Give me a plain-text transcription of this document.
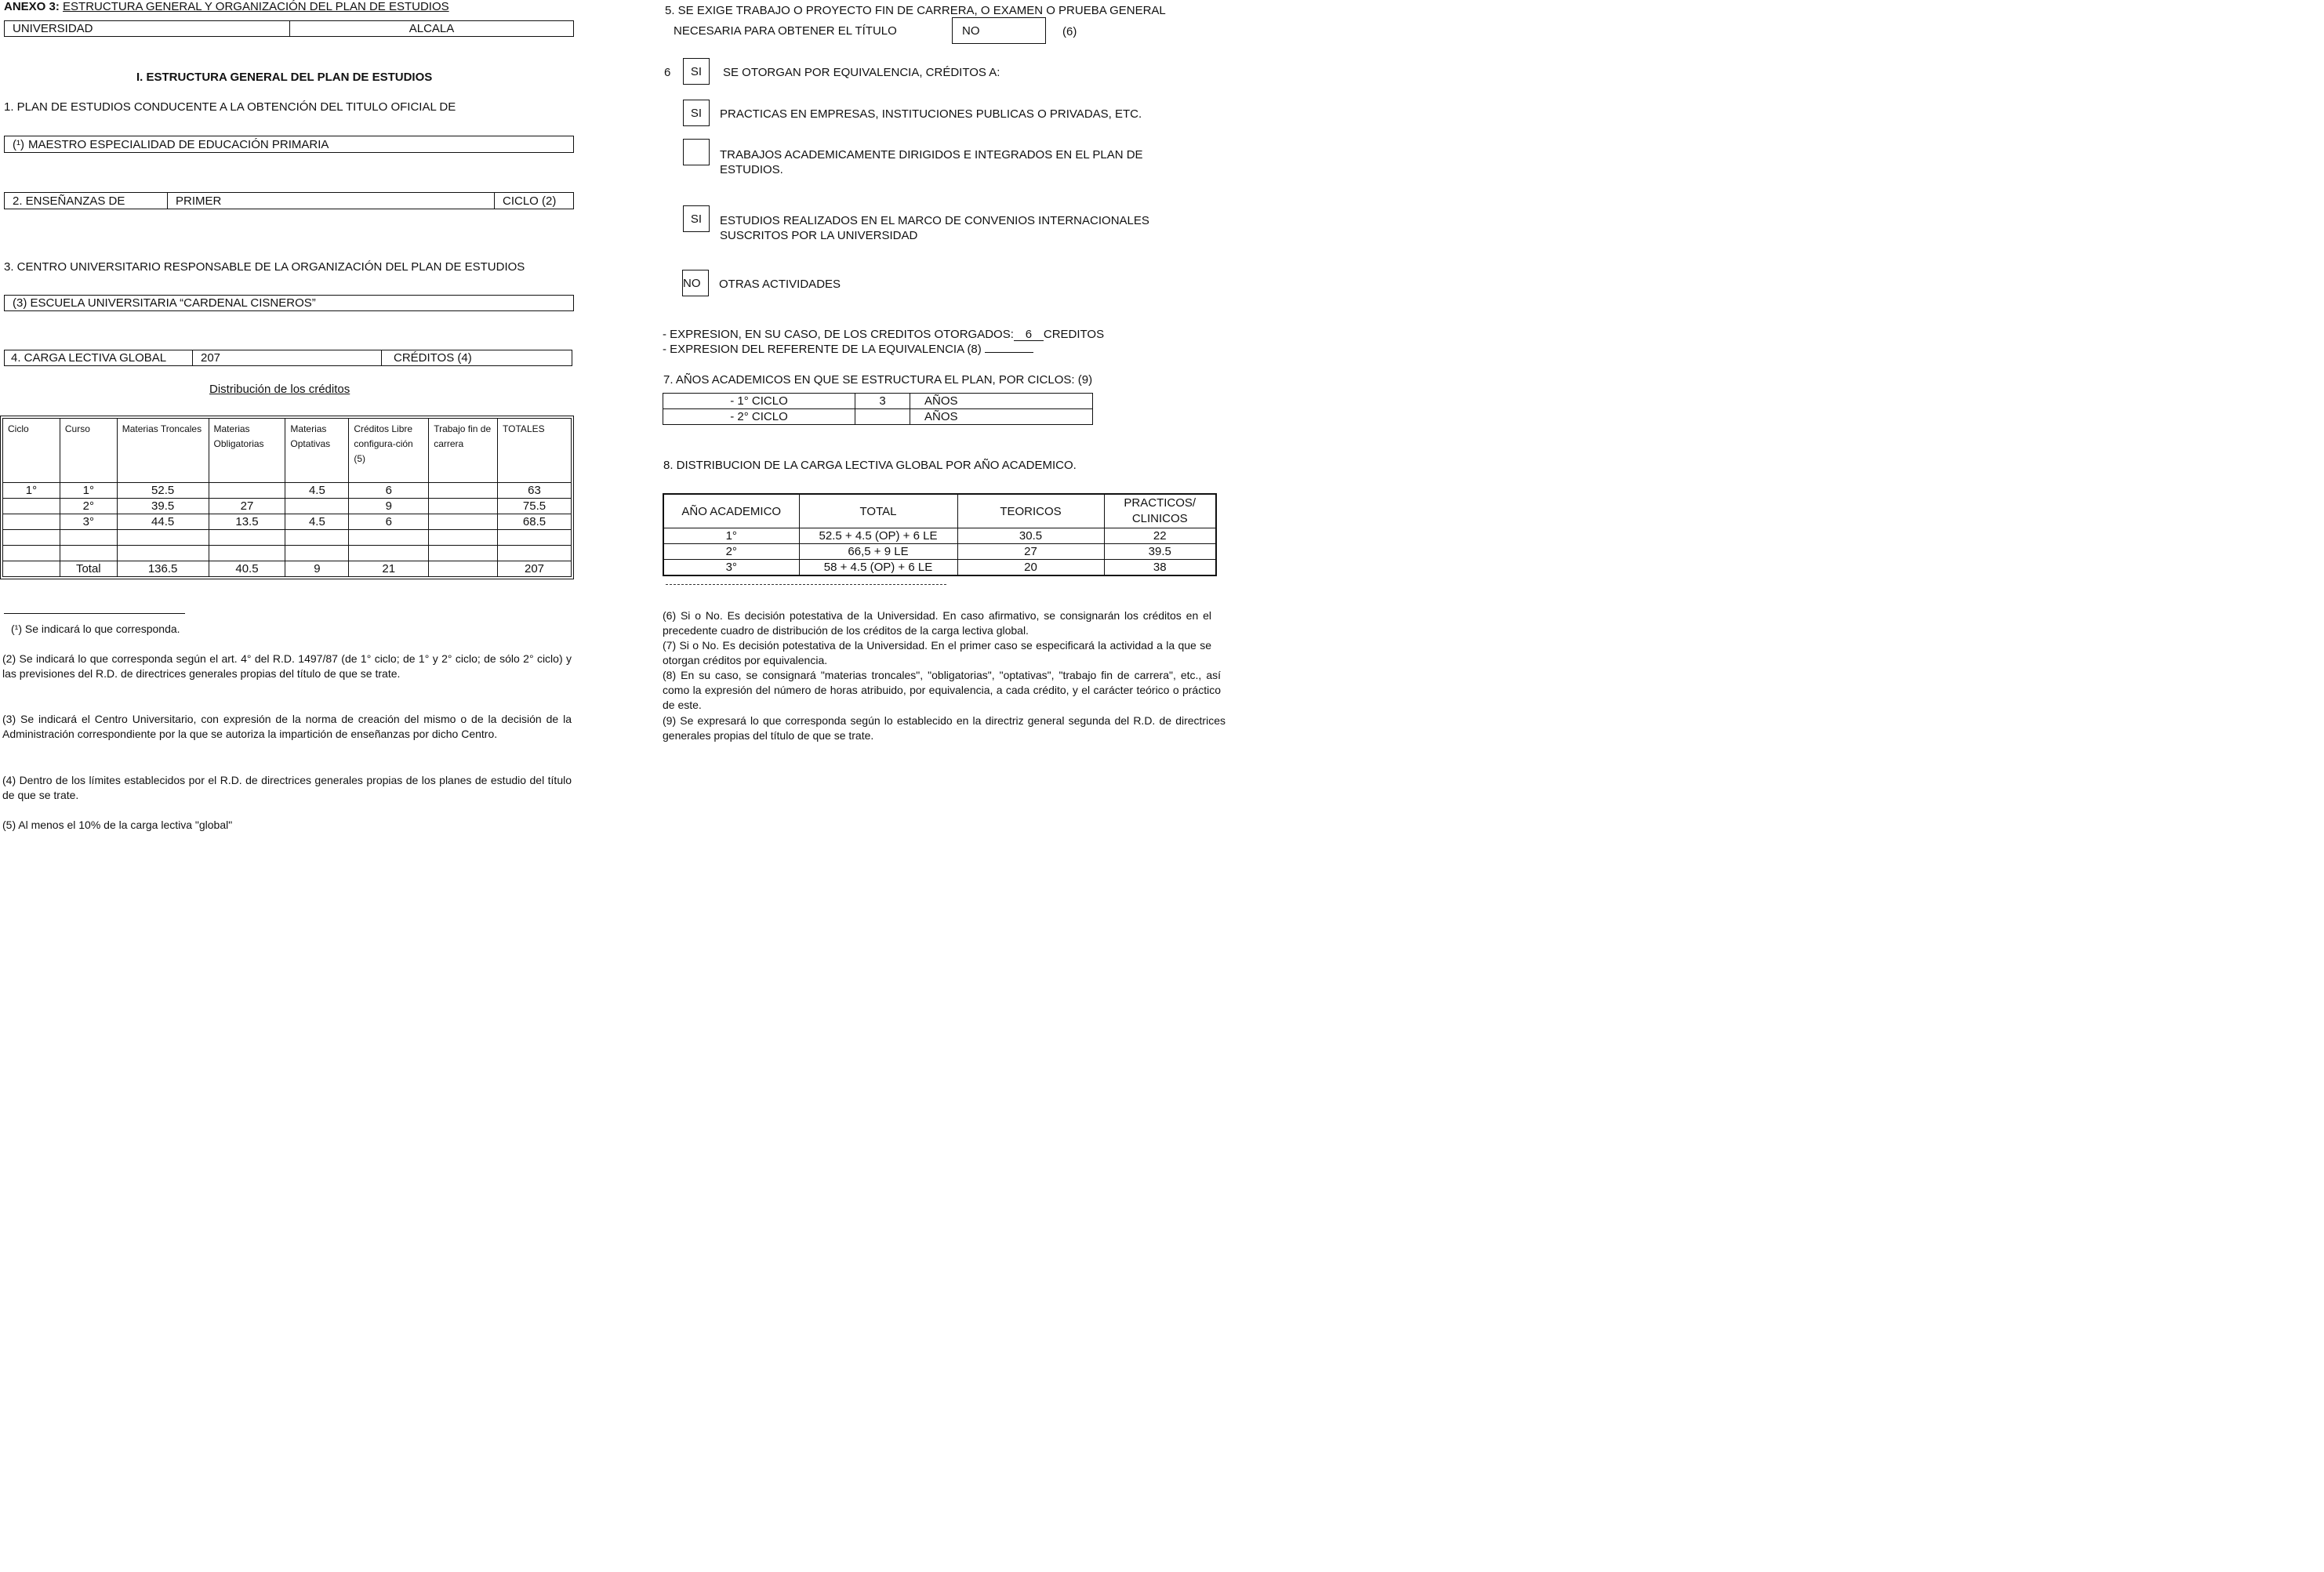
ANEXO 3: ESTRUCTURA GENERAL Y ORGANIZACIÓN DEL PLAN DE ESTUDIOS
UNIVERSIDAD	ALCALA
I. ESTRUCTURA GENERAL DEL PLAN DE ESTUDIOS
1. PLAN DE ESTUDIOS CONDUCENTE A LA OBTENCIÓN DEL TITULO OFICIAL DE
(¹) MAESTRO ESPECIALIDAD DE EDUCACIÓN PRIMARIA
2. ENSEÑANZAS DE	PRIMER	CICLO (2)
3. CENTRO UNIVERSITARIO RESPONSABLE DE LA ORGANIZACIÓN DEL PLAN DE ESTUDIOS
(3) ESCUELA UNIVERSITARIA “CARDENAL CISNEROS”
4. CARGA LECTIVA GLOBAL	207	CRÉDITOS (4)
Distribución de los créditos
Ciclo	Curso	Materias Troncales	Materias Obligatorias	Materias Optativas	Créditos Libre configura-ción (5)	Trabajo fin de carrera	TOTALES
1°	1°	52.5		4.5	6		63
	2°	39.5	27		9		75.5
	3°	44.5	13.5	4.5	6		68.5

	Total	136.5	40.5	9	21		207
(¹) Se indicará lo que corresponda.
(2) Se indicará lo que corresponda según el art. 4° del R.D. 1497/87 (de 1° ciclo; de 1° y 2° ciclo; de sólo 2° ciclo) y las previsiones del R.D. de directrices generales propias del título de que se trate.
(3) Se indicará el Centro Universitario, con expresión de la norma de creación del mismo o de la decisión de la Administración correspondiente por la que se autoriza la impartición de enseñanzas por dicho Centro.
(4) Dentro de los límites establecidos por el R.D. de directrices generales propias de los planes de estudio del título de que se trate.
(5) Al menos el 10% de la carga lectiva "global"
5. SE EXIGE TRABAJO O PROYECTO FIN DE CARRERA, O EXAMEN O PRUEBA GENERAL
NECESARIA PARA OBTENER EL TÍTULO	NO	(6)
6 SI SE OTORGAN POR EQUIVALENCIA, CRÉDITOS A:
SI PRACTICAS EN EMPRESAS, INSTITUCIONES PUBLICAS O PRIVADAS, ETC.
TRABAJOS ACADEMICAMENTE DIRIGIDOS E INTEGRADOS EN EL PLAN DE ESTUDIOS.
SI ESTUDIOS REALIZADOS EN EL MARCO DE CONVENIOS INTERNACIONALES SUSCRITOS POR LA UNIVERSIDAD
NO OTRAS ACTIVIDADES
- EXPRESION, EN SU CASO, DE LOS CREDITOS OTORGADOS: 6 CREDITOS
- EXPRESION DEL REFERENTE DE LA EQUIVALENCIA (8)
7. AÑOS ACADEMICOS EN QUE SE ESTRUCTURA EL PLAN, POR CICLOS: (9)
- 1° CICLO	3	AÑOS
- 2° CICLO		AÑOS
8. DISTRIBUCION DE LA CARGA LECTIVA GLOBAL POR AÑO ACADEMICO.
AÑO ACADEMICO	TOTAL	TEORICOS	PRACTICOS/ CLINICOS
1°	52.5 + 4.5 (OP) + 6 LE	30.5	22
2°	66,5 + 9 LE	27	39.5
3°	58 + 4.5 (OP) + 6 LE	20	38
(6) Si o No. Es decisión potestativa de la Universidad. En caso afirmativo, se consignarán los créditos en el precedente cuadro de distribución de los créditos de la carga lectiva global.
(7) Si o No. Es decisión potestativa de la Universidad. En el primer caso se especificará la actividad a la que se otorgan créditos por equivalencia.
(8) En su caso, se consignará "materias troncales", "obligatorias", "optativas", "trabajo fin de carrera", etc., así como la expresión del número de horas atribuido, por equivalencia, a cada crédito, y el carácter teórico o práctico de este.
(9) Se expresará lo que corresponda según lo establecido en la directriz general segunda del R.D. de directrices generales propias del título de que se trate.
